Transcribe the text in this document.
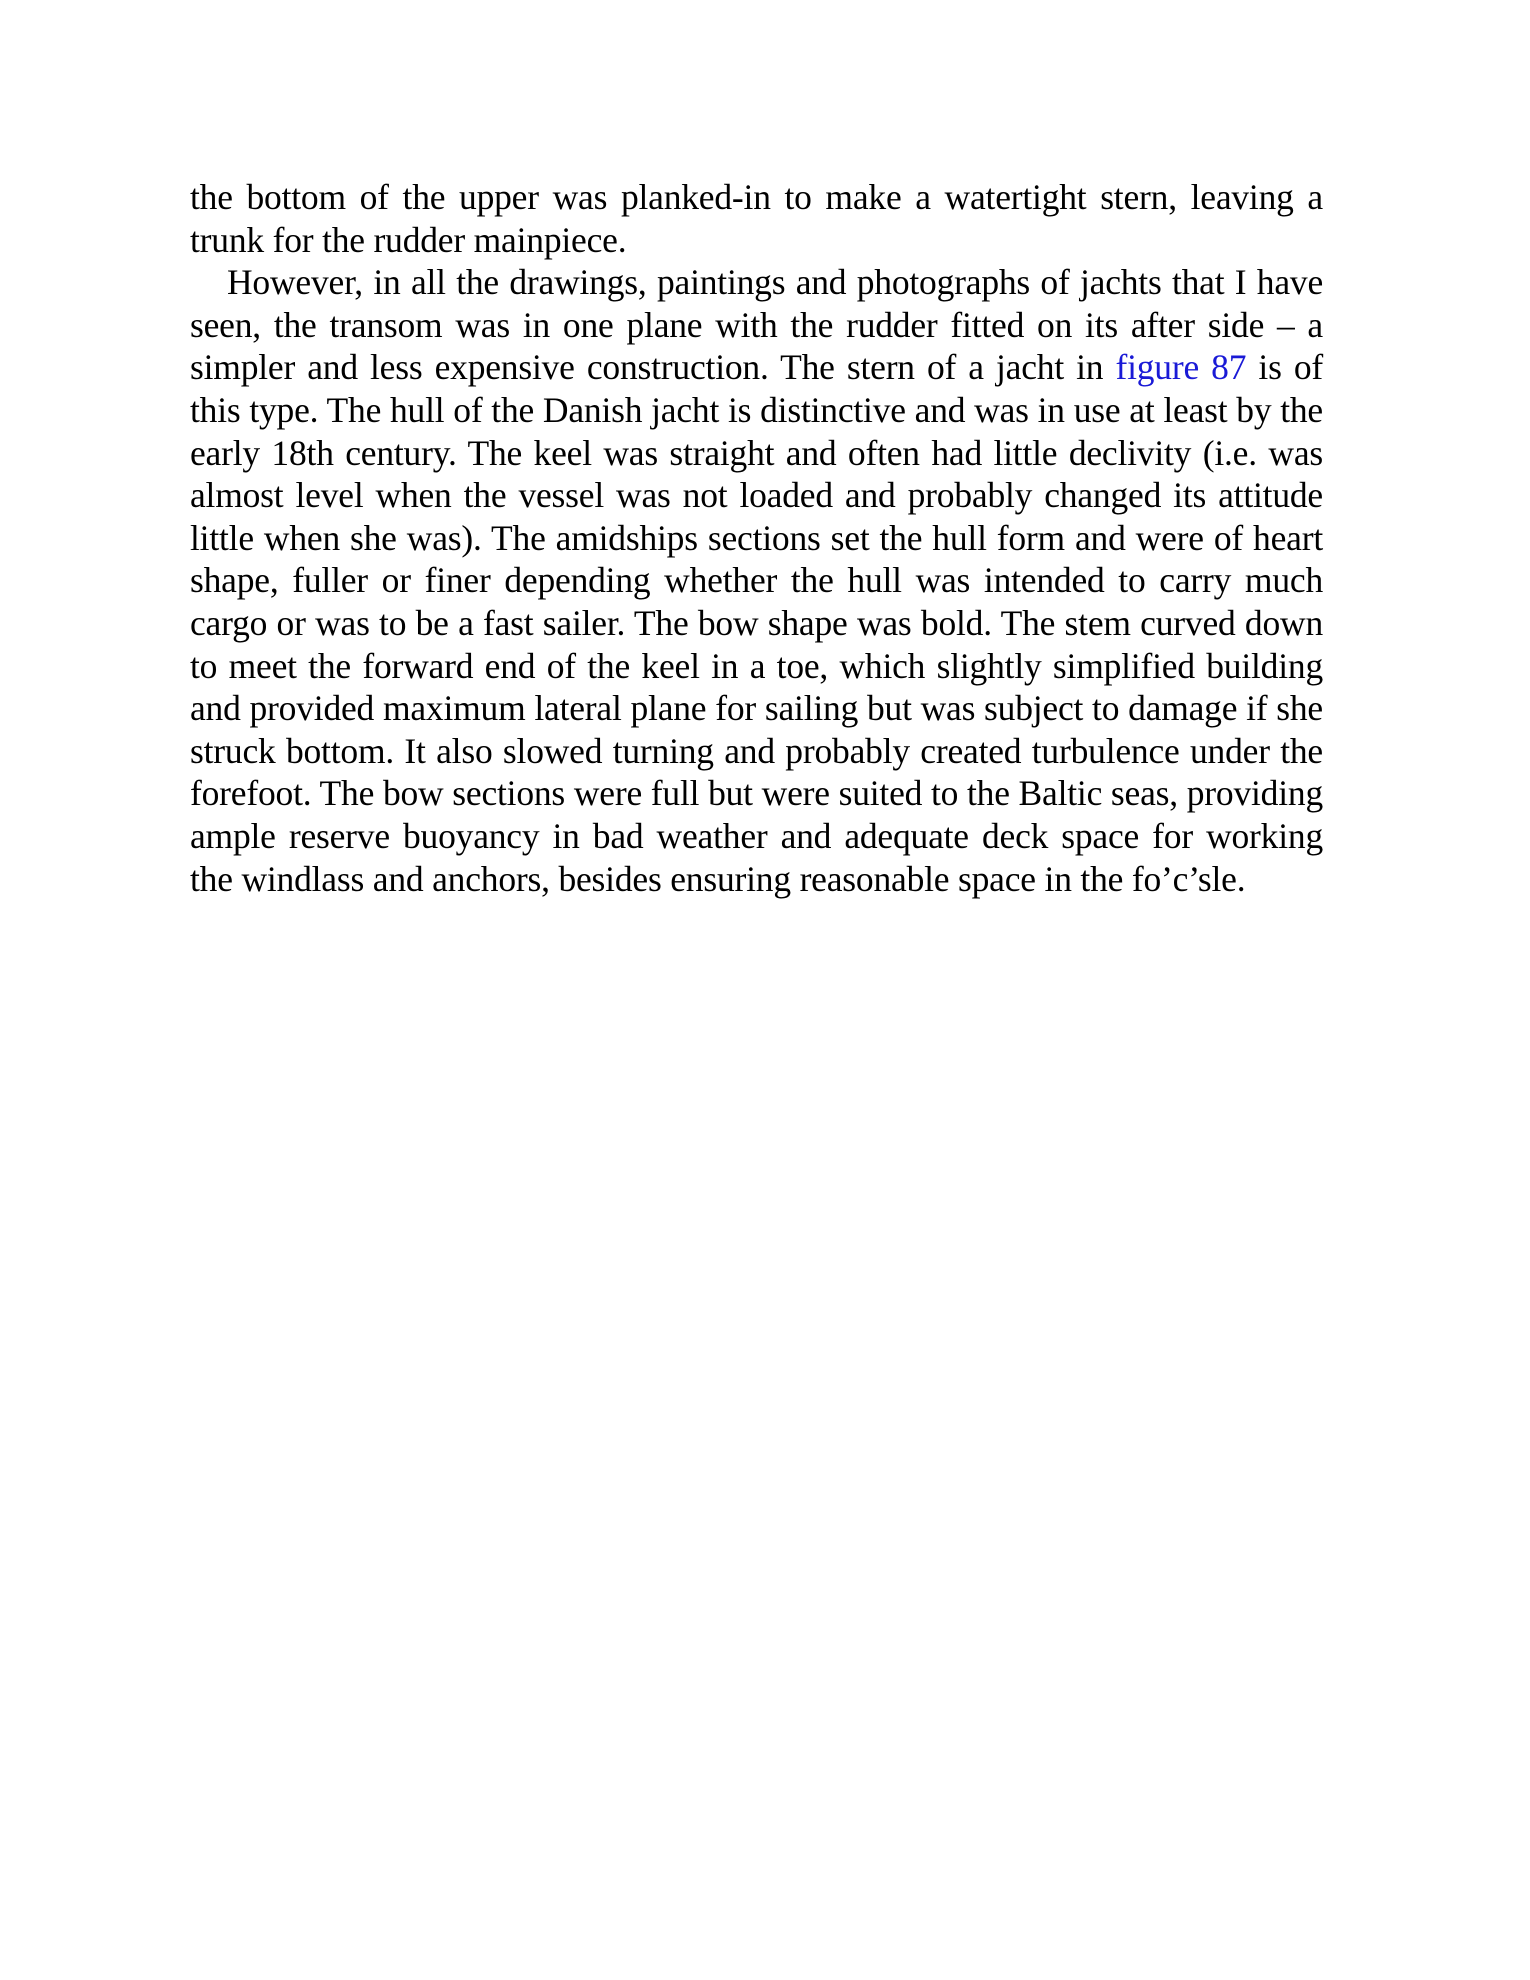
the bottom of the upper was planked-in to make a watertight stern, leaving a trunk for the rudder mainpiece.

However, in all the drawings, paintings and photographs of jachts that I have seen, the transom was in one plane with the rudder fitted on its after side – a simpler and less expensive construction. The stern of a jacht in figure 87 is of this type. The hull of the Danish jacht is distinctive and was in use at least by the early 18th century. The keel was straight and often had little declivity (i.e. was almost level when the vessel was not loaded and probably changed its attitude little when she was). The amidships sections set the hull form and were of heart shape, fuller or finer depending whether the hull was intended to carry much cargo or was to be a fast sailer. The bow shape was bold. The stem curved down to meet the forward end of the keel in a toe, which slightly simplified building and provided maximum lateral plane for sailing but was subject to damage if she struck bottom. It also slowed turning and probably created turbulence under the forefoot. The bow sections were full but were suited to the Baltic seas, providing ample reserve buoyancy in bad weather and adequate deck space for working the windlass and anchors, besides ensuring reasonable space in the fo’c’sle.
